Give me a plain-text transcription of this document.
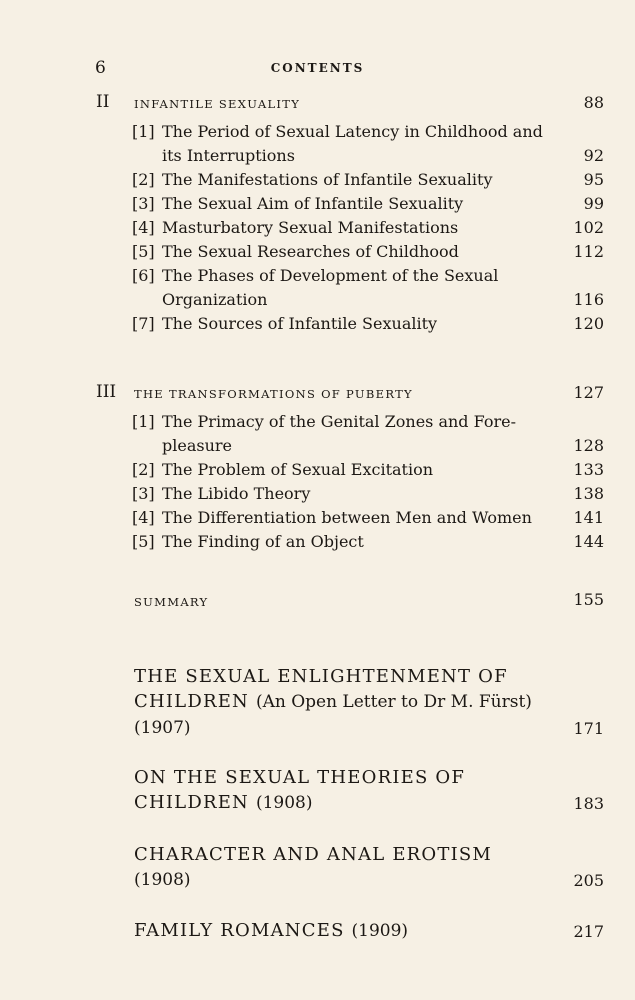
6	CONTENTS
II INFANTILE SEXUALITY	88
[1] The Period of Sexual Latency in Childhood and its Interruptions	92
[2] The Manifestations of Infantile Sexuality	95
[3] The Sexual Aim of Infantile Sexuality	99
[4] Masturbatory Sexual Manifestations	102
[5] The Sexual Researches of Childhood	112
[6] The Phases of Development of the Sexual Organization	116
[7] The Sources of Infantile Sexuality	120
III THE TRANSFORMATIONS OF PUBERTY	127
[1] The Primacy of the Genital Zones and Fore-pleasure	128
[2] The Problem of Sexual Excitation	133
[3] The Libido Theory	138
[4] The Differentiation between Men and Women	141
[5] The Finding of an Object	144
SUMMARY	155
THE SEXUAL ENLIGHTENMENT OF CHILDREN (An Open Letter to Dr M. Fürst) (1907)	171
ON THE SEXUAL THEORIES OF CHILDREN (1908)	183
CHARACTER AND ANAL EROTISM (1908)	205
FAMILY ROMANCES (1909)	217
